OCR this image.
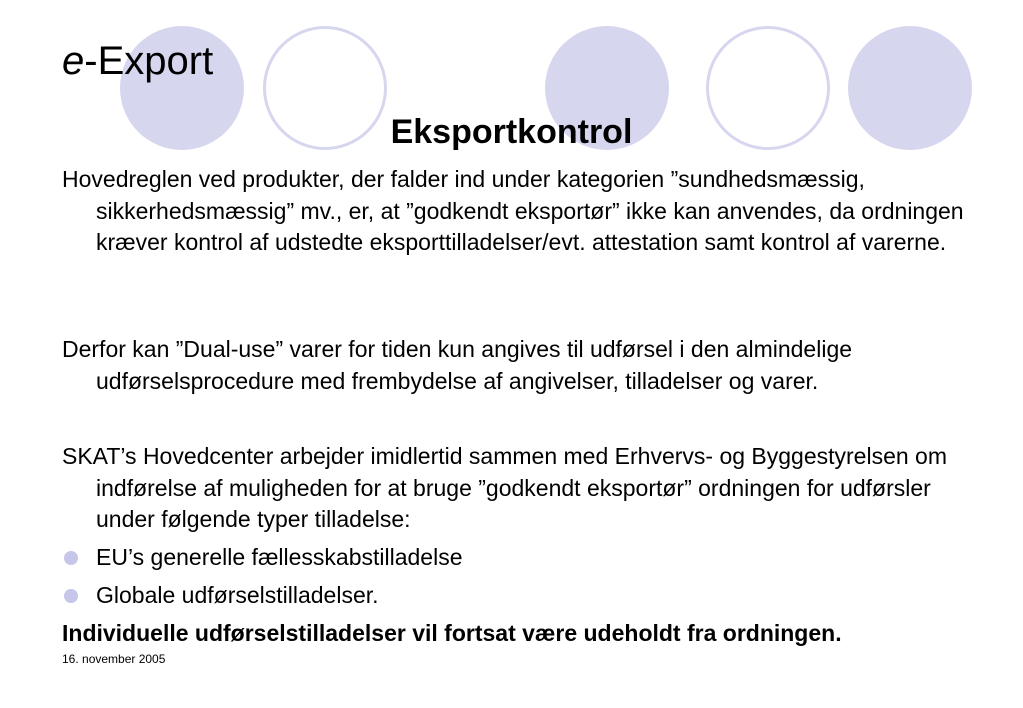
e-Export
Eksportkontrol
Hovedreglen ved produkter, der falder ind under kategorien ”sundhedsmæssig, sikkerhedsmæssig” mv., er, at ”godkendt eksportør” ikke kan anvendes, da ordningen kræver kontrol af udstedte eksporttilladelser/evt. attestation samt kontrol af varerne.
Derfor kan ”Dual-use” varer for tiden kun angives til udførsel i den almindelige udførselsprocedure med frembydelse af angivelser, tilladelser og varer.
SKAT’s Hovedcenter arbejder imidlertid sammen med Erhvervs- og Byggestyrelsen om indførelse af muligheden for at bruge ”godkendt eksportør” ordningen for udførsler under følgende typer tilladelse:
EU’s generelle fællesskabstilladelse
Globale udførselstilladelser.
Individuelle udførselstilladelser vil fortsat være udeholdt fra ordningen.
16. november 2005
